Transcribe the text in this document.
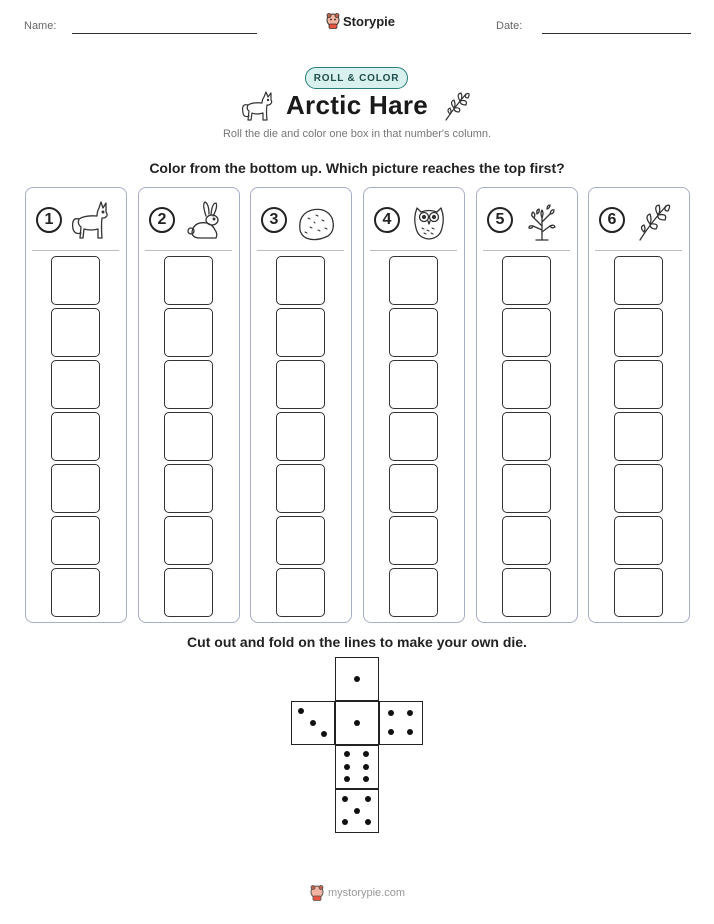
Name:	Storypie	Date:
ROLL & COLOR
Arctic Hare
Roll the die and color one box in that number's column.
Color from the bottom up. Which picture reaches the top first?
1	2	3	4	5	6
Cut out and fold on the lines to make your own die.
mystorypie.com
